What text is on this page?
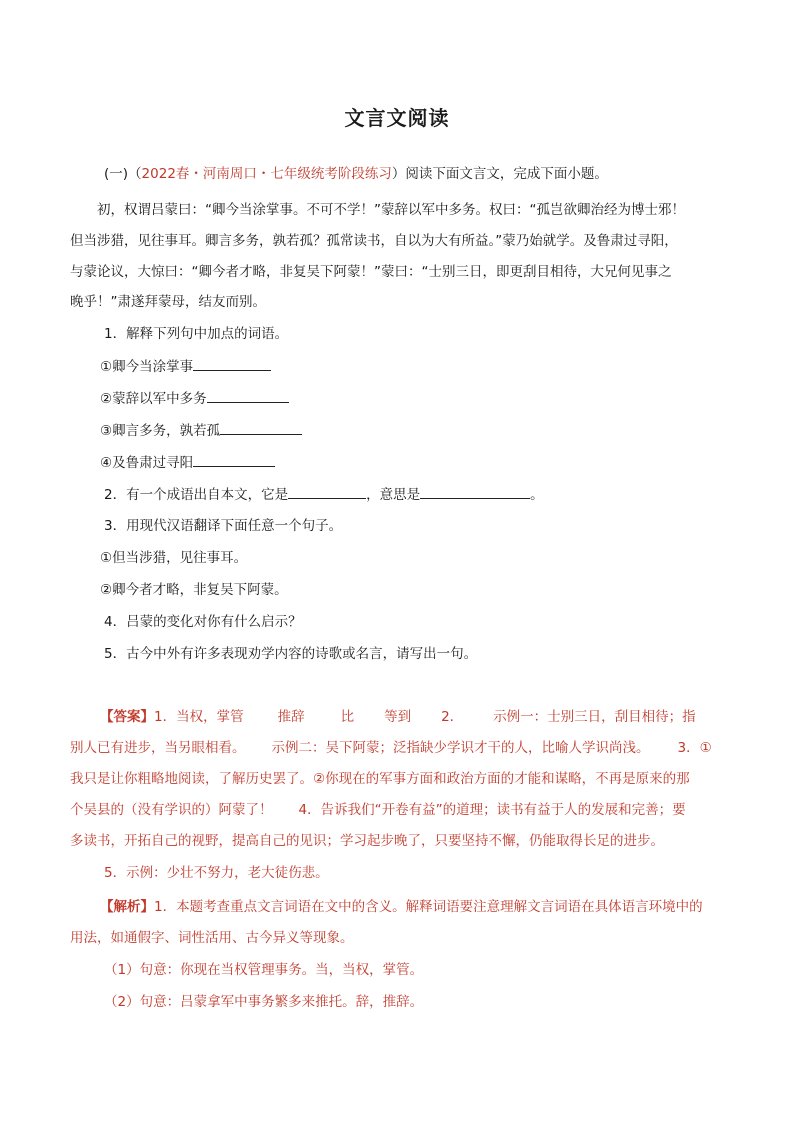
文言文阅读
(一)（2022春・河南周口・七年级统考阶段练习）阅读下面文言文，完成下面小题。
初，权谓吕蒙曰：“卿今当涂掌事。不可不学！”蒙辞以军中多务。权曰：“孤岂欲卿治经为博士邪！
但当涉猎，见往事耳。卿言多务，孰若孤？孤常读书，自以为大有所益。”蒙乃始就学。及鲁肃过寻阳，
与蒙论议，大惊曰：“卿今者才略，非复吴下阿蒙！”蒙曰：“士别三日，即更刮目相待，大兄何见事之
晚乎！”肃遂拜蒙母，结友而别。
1．解释下列句中加点的词语。
①卿今当涂掌事
②蒙辞以军中多务
③卿言多务，孰若孤
④及鲁肃过寻阳
2．有一个成语出自本文，它是	，意思是	。
3．用现代汉语翻译下面任意一个句子。
①但当涉猎，见往事耳。
②卿今者才略，非复吴下阿蒙。
4．吕蒙的变化对你有什么启示？
5．古今中外有许多表现劝学内容的诗歌或名言，请写出一句。
【答案】1．当权，掌管	推辞	比 等到 2． 示例一：士别三日，刮目相待；指
别人已有进步，当另眼相看。 示例二：吴下阿蒙；泛指缺少学识才干的人，比喻人学识尚浅。 3．①
我只是让你粗略地阅读，了解历史罢了。②你现在的军事方面和政治方面的才能和谋略，不再是原来的那
个吴县的（没有学识的）阿蒙了！ 4．告诉我们“开卷有益”的道理；读书有益于人的发展和完善；要
多读书，开拓自己的视野，提高自己的见识；学习起步晚了，只要坚持不懈，仍能取得长足的进步。
5．示例：少壮不努力，老大徒伤悲。
【解析】1．本题考查重点文言词语在文中的含义。解释词语要注意理解文言词语在具体语言环境中的
用法，如通假字、词性活用、古今异义等现象。
（1）句意：你现在当权管理事务。当，当权，掌管。
（2）句意：吕蒙拿军中事务繁多来推托。辞，推辞。
